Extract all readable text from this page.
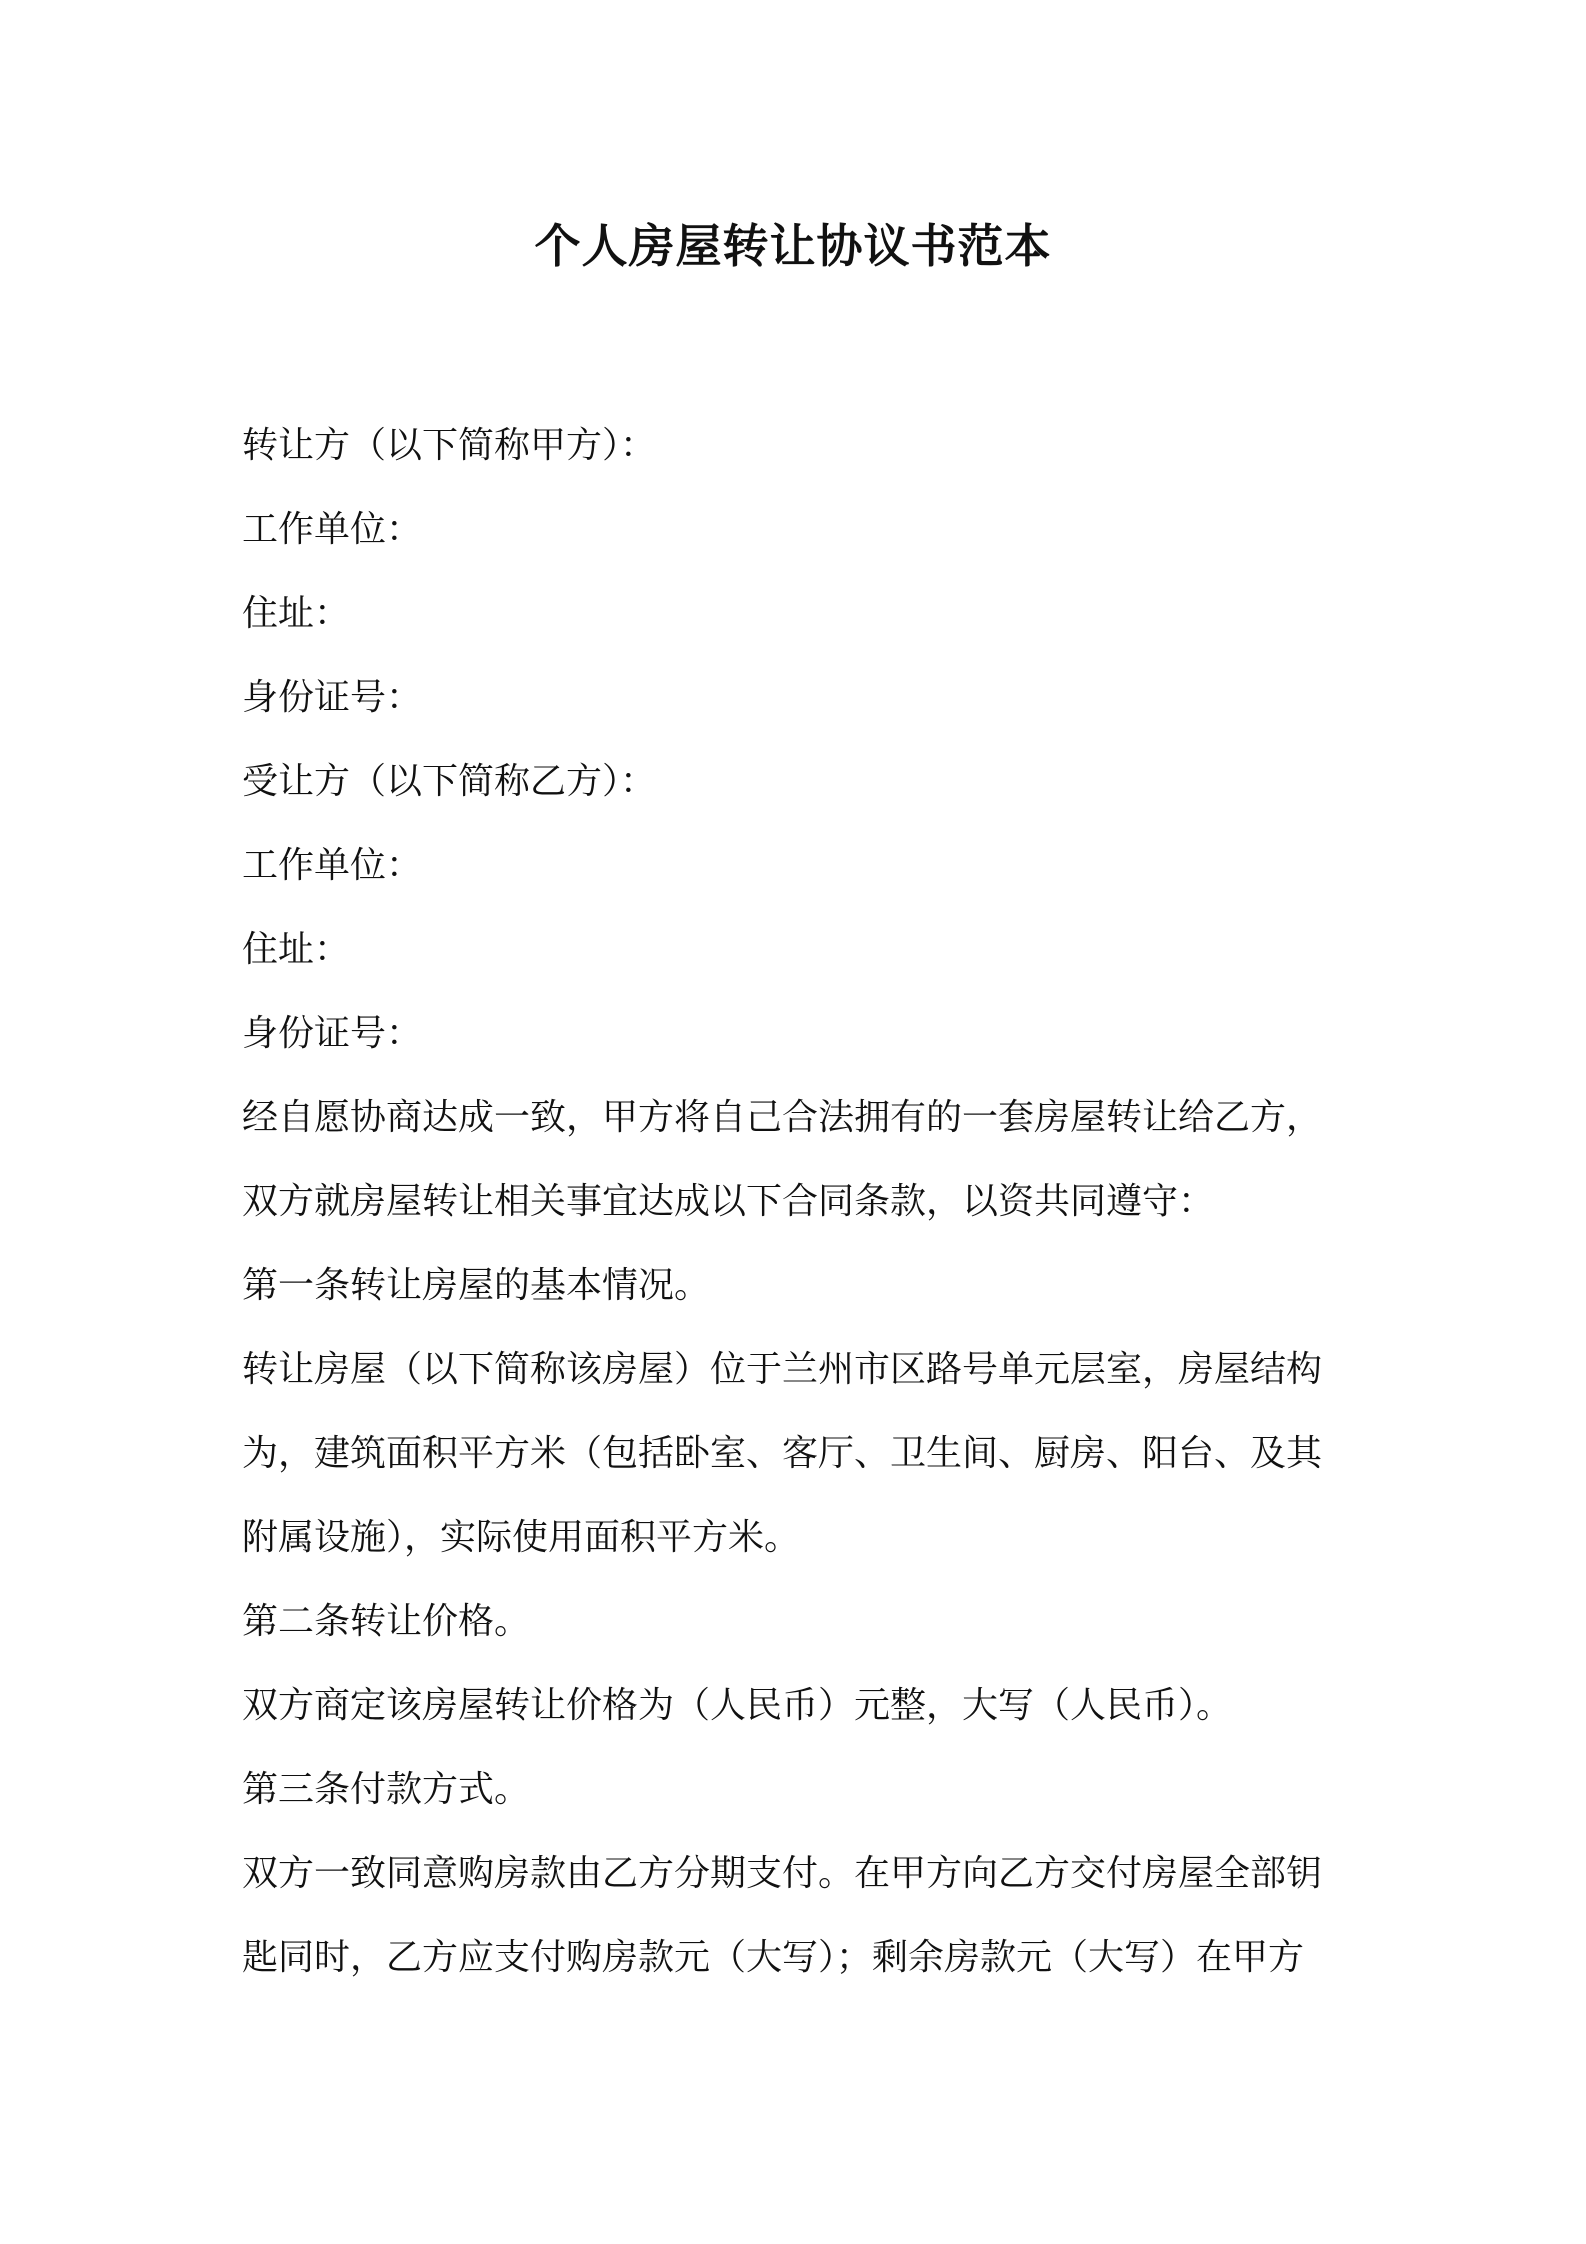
个人房屋转让协议书范本

转让方（以下简称甲方）：

工作单位：

住址：

身份证号：

受让方（以下简称乙方）：

工作单位：

住址：

身份证号：

经自愿协商达成一致，甲方将自己合法拥有的一套房屋转让给乙方，

双方就房屋转让相关事宜达成以下合同条款，以资共同遵守：

第一条转让房屋的基本情况。

转让房屋（以下简称该房屋）位于兰州市区路号单元层室，房屋结构

为，建筑面积平方米（包括卧室、客厅、卫生间、厨房、阳台、及其

附属设施），实际使用面积平方米。

第二条转让价格。

双方商定该房屋转让价格为（人民币）元整，大写（人民币）。

第三条付款方式。

双方一致同意购房款由乙方分期支付。在甲方向乙方交付房屋全部钥

匙同时，乙方应支付购房款元（大写）；剩余房款元（大写）在甲方
